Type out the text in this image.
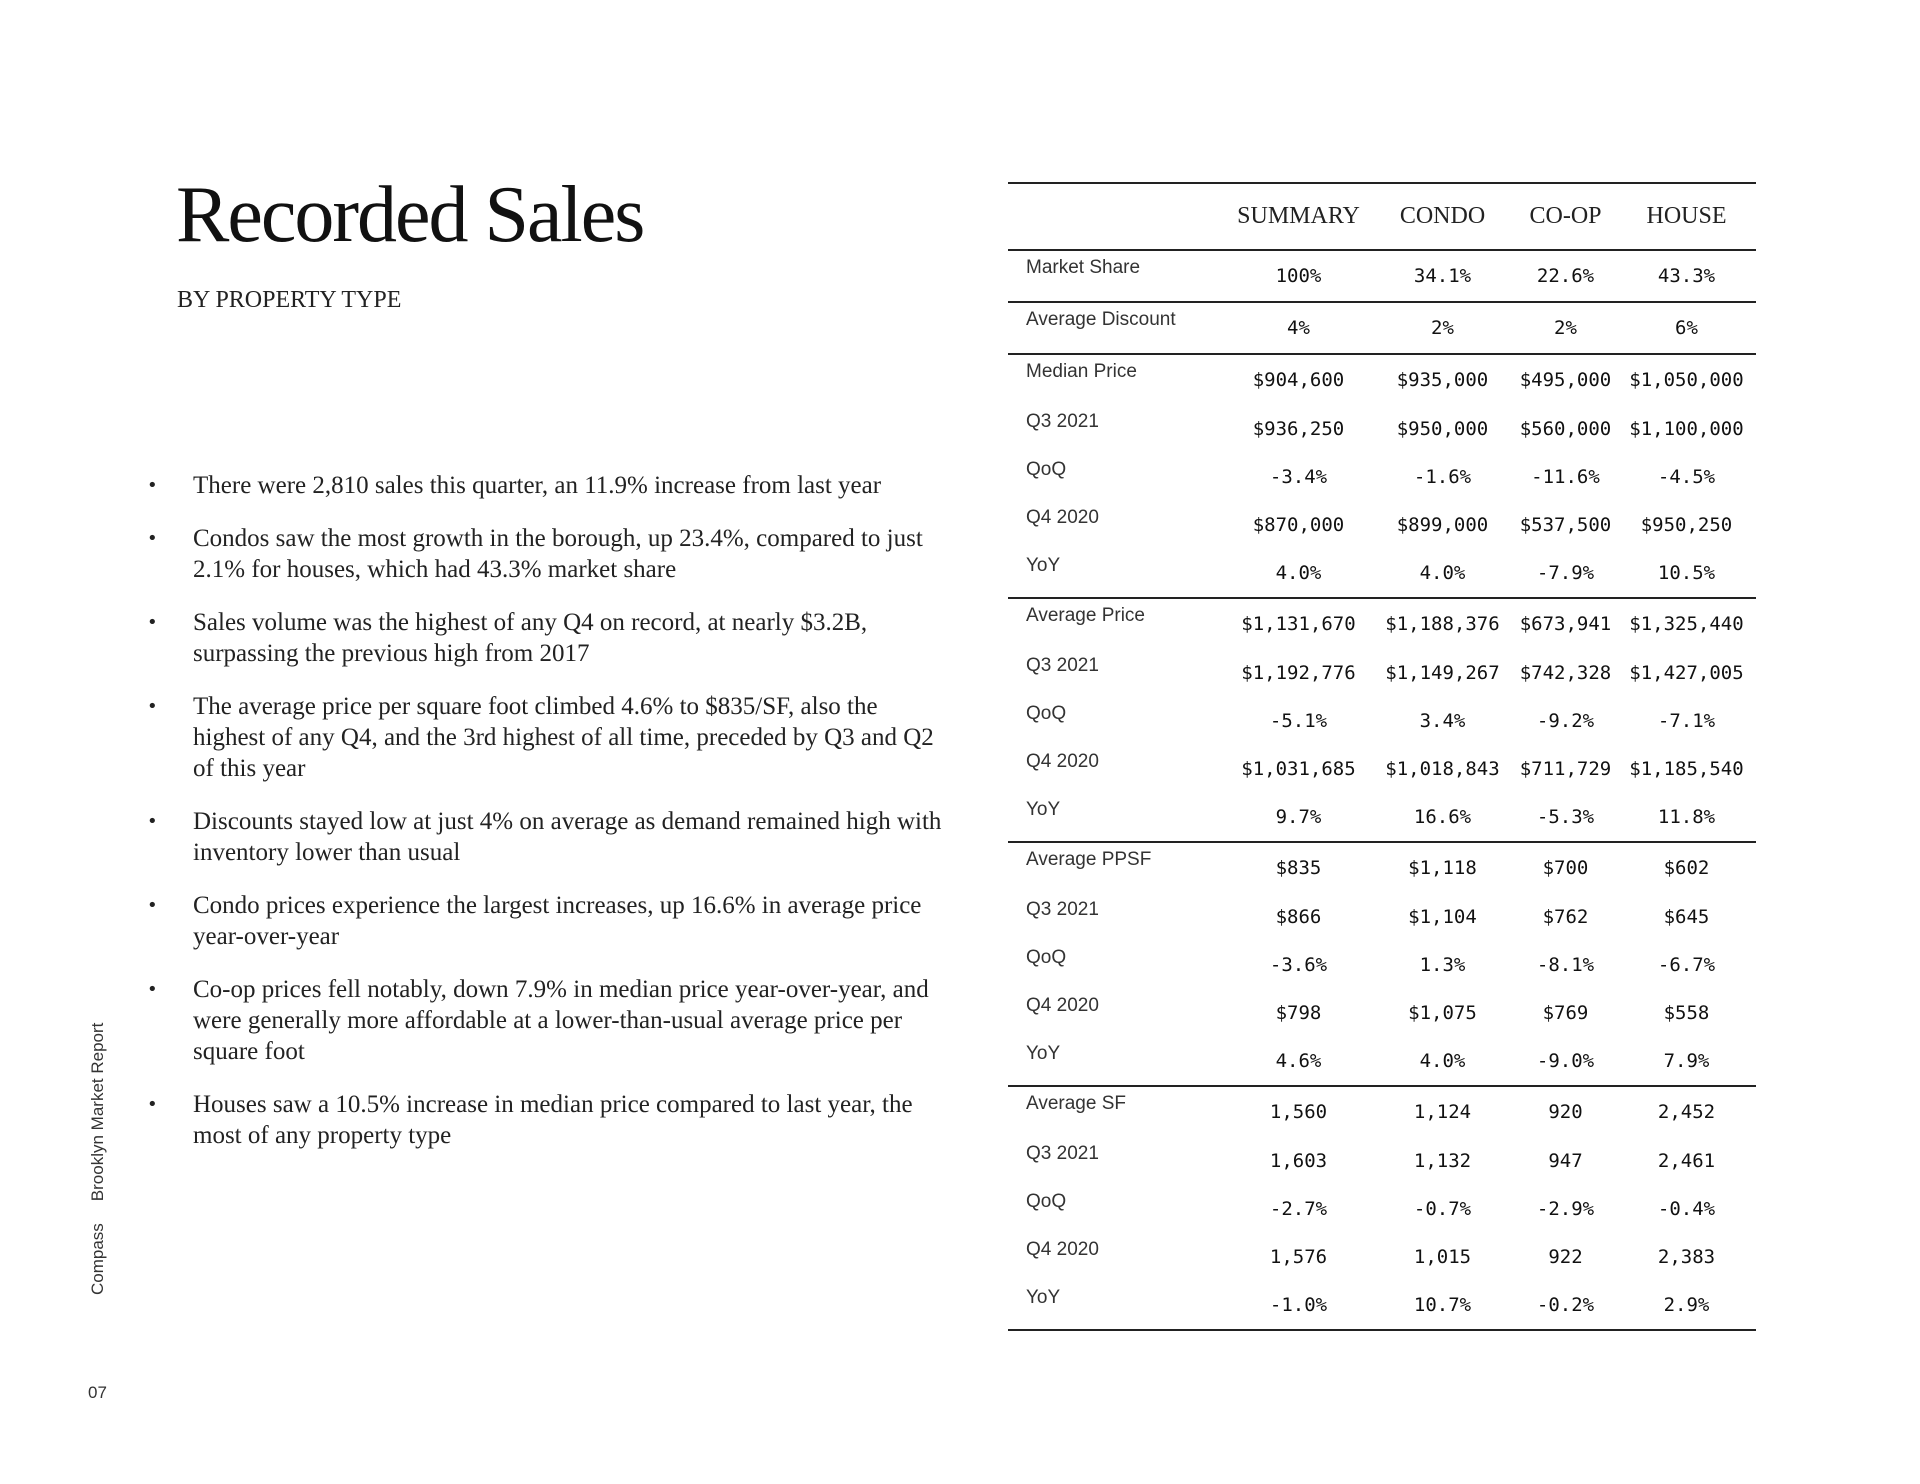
Recorded Sales
BY PROPERTY TYPE
• There were 2,810 sales this quarter, an 11.9% increase from last year
• Condos saw the most growth in the borough, up 23.4%, compared to just 2.1% for houses, which had 43.3% market share
• Sales volume was the highest of any Q4 on record, at nearly $3.2B, surpassing the previous high from 2017
• The average price per square foot climbed 4.6% to $835/SF, also the highest of any Q4, and the 3rd highest of all time, preceded by Q3 and Q2 of this year
• Discounts stayed low at just 4% on average as demand remained high with inventory lower than usual
• Condo prices experience the largest increases, up 16.6% in average price year-over-year
• Co-op prices fell notably, down 7.9% in median price year-over-year, and were generally more affordable at a lower-than-usual average price per square foot
• Houses saw a 10.5% increase in median price compared to last year, the most of any property type
	SUMMARY	CONDO	CO-OP	HOUSE
Market Share	100%	34.1%	22.6%	43.3%
Average Discount	4%	2%	2%	6%
Median Price	$904,600	$935,000	$495,000	$1,050,000
Q3 2021	$936,250	$950,000	$560,000	$1,100,000
QoQ	-3.4%	-1.6%	-11.6%	-4.5%
Q4 2020	$870,000	$899,000	$537,500	$950,250
YoY	4.0%	4.0%	-7.9%	10.5%
Average Price	$1,131,670	$1,188,376	$673,941	$1,325,440
Q3 2021	$1,192,776	$1,149,267	$742,328	$1,427,005
QoQ	-5.1%	3.4%	-9.2%	-7.1%
Q4 2020	$1,031,685	$1,018,843	$711,729	$1,185,540
YoY	9.7%	16.6%	-5.3%	11.8%
Average PPSF	$835	$1,118	$700	$602
Q3 2021	$866	$1,104	$762	$645
QoQ	-3.6%	1.3%	-8.1%	-6.7%
Q4 2020	$798	$1,075	$769	$558
YoY	4.6%	4.0%	-9.0%	7.9%
Average SF	1,560	1,124	920	2,452
Q3 2021	1,603	1,132	947	2,461
QoQ	-2.7%	-0.7%	-2.9%	-0.4%
Q4 2020	1,576	1,015	922	2,383
YoY	-1.0%	10.7%	-0.2%	2.9%
CompassBrooklyn Market Report
07
